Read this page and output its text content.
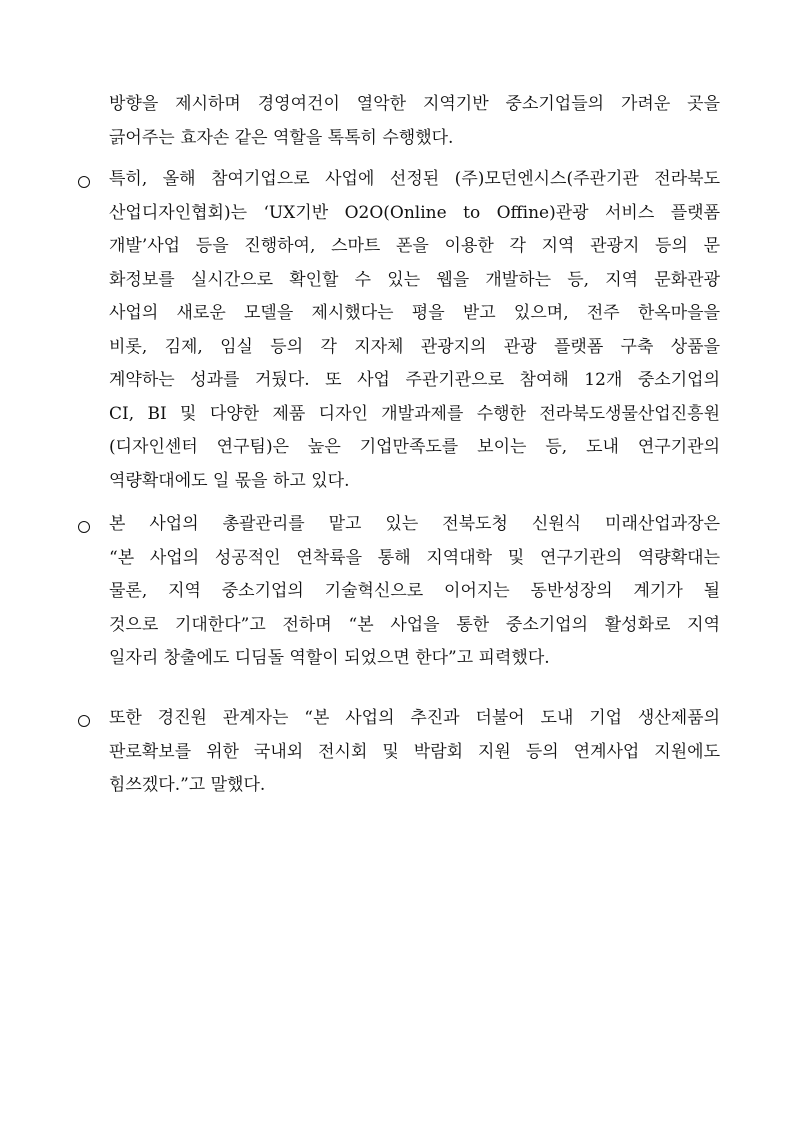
방향을 제시하며 경영여건이 열악한 지역기반 중소기업들의 가려운 곳을
긁어주는 효자손 같은 역할을 톡톡히 수행했다.
특히, 올해 참여기업으로 사업에 선정된 (주)모던엔시스(주관기관 전라북도
산업디자인협회)는 ‘UX기반 O2O(Online to Offine)관광 서비스 플랫폼
개발’사업 등을 진행하여, 스마트 폰을 이용한 각 지역 관광지 등의 문
화정보를 실시간으로 확인할 수 있는 웹을 개발하는 등, 지역 문화관광
사업의 새로운 모델을 제시했다는 평을 받고 있으며, 전주 한옥마을을
비롯, 김제, 임실 등의 각 지자체 관광지의 관광 플랫폼 구축 상품을
계약하는 성과를 거뒀다. 또 사업 주관기관으로 참여해 12개 중소기업의
CI, BI 및 다양한 제품 디자인 개발과제를 수행한 전라북도생물산업진흥원
(디자인센터 연구팀)은 높은 기업만족도를 보이는 등, 도내 연구기관의
역량확대에도 일 몫을 하고 있다.
본 사업의 총괄관리를 맡고 있는 전북도청 신원식 미래산업과장은
“본 사업의 성공적인 연착륙을 통해 지역대학 및 연구기관의 역량확대는
물론, 지역 중소기업의 기술혁신으로 이어지는 동반성장의 계기가 될
것으로 기대한다”고 전하며 “본 사업을 통한 중소기업의 활성화로 지역
일자리 창출에도 디딤돌 역할이 되었으면 한다”고 피력했다.
또한 경진원 관계자는 “본 사업의 추진과 더불어 도내 기업 생산제품의
판로확보를 위한 국내외 전시회 및 박람회 지원 등의 연계사업 지원에도
힘쓰겠다.”고 말했다.
